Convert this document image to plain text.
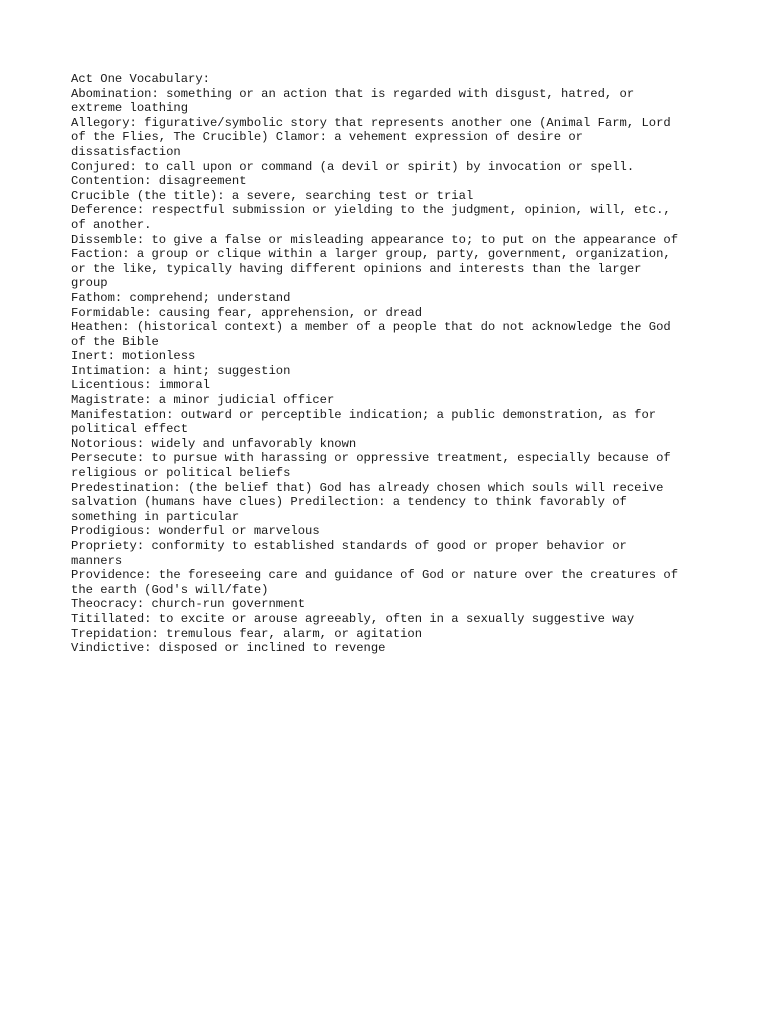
Act One Vocabulary:
Abomination: something or an action that is regarded with disgust, hatred, or
extreme loathing
Allegory: figurative/symbolic story that represents another one (Animal Farm, Lord
of the Flies, The Crucible) Clamor: a vehement expression of desire or
dissatisfaction
Conjured: to call upon or command (a devil or spirit) by invocation or spell.
Contention: disagreement
Crucible (the title): a severe, searching test or trial
Deference: respectful submission or yielding to the judgment, opinion, will, etc.,
of another.
Dissemble: to give a false or misleading appearance to; to put on the appearance of
Faction: a group or clique within a larger group, party, government, organization,
or the like, typically having different opinions and interests than the larger
group
Fathom: comprehend; understand
Formidable: causing fear, apprehension, or dread
Heathen: (historical context) a member of a people that do not acknowledge the God
of the Bible
Inert: motionless
Intimation: a hint; suggestion
Licentious: immoral
Magistrate: a minor judicial officer
Manifestation: outward or perceptible indication; a public demonstration, as for
political effect
Notorious: widely and unfavorably known
Persecute: to pursue with harassing or oppressive treatment, especially because of
religious or political beliefs
Predestination: (the belief that) God has already chosen which souls will receive
salvation (humans have clues) Predilection: a tendency to think favorably of
something in particular
Prodigious: wonderful or marvelous
Propriety: conformity to established standards of good or proper behavior or
manners
Providence: the foreseeing care and guidance of God or nature over the creatures of
the earth (God's will/fate)
Theocracy: church-run government
Titillated: to excite or arouse agreeably, often in a sexually suggestive way
Trepidation: tremulous fear, alarm, or agitation
Vindictive: disposed or inclined to revenge
